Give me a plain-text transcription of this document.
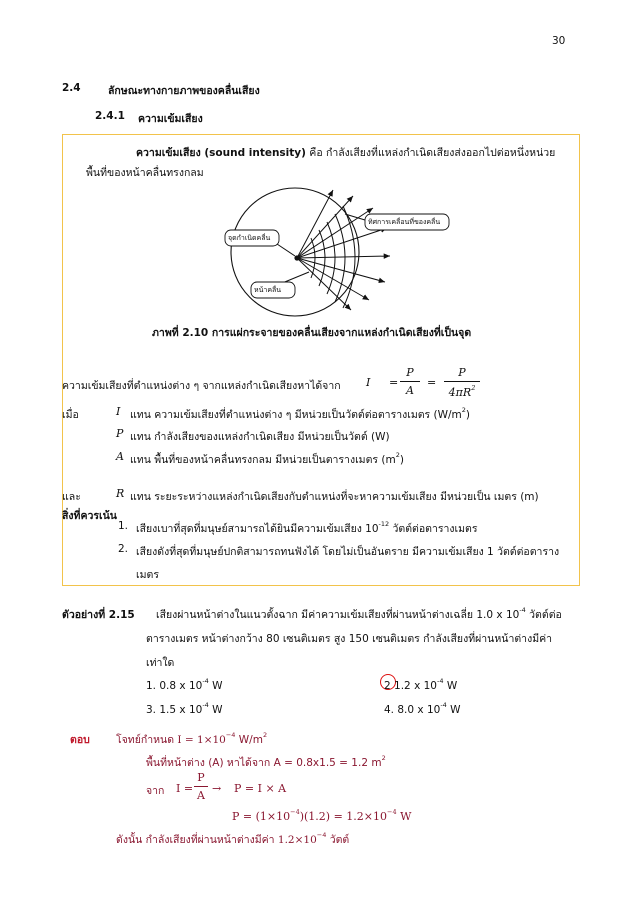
30
2.4	ลักษณะทางกายภาพของคลื่นเสียง
2.4.1 ความเข้มเสียง
ความเข้มเสียง (sound intensity) คือ กำลังเสียงที่แหล่งกำเนิดเสียงส่งออกไปต่อหนึ่งหน่วย
พื้นที่ของหน้าคลื่นทรงกลม
จุดกำเนิดคลื่น
ทิศการเคลื่อนที่ของคลื่น
หน้าคลื่น
ภาพที่ 2.10 การแผ่กระจายของคลื่นเสียงจากแหล่งกำเนิดเสียงที่เป็นจุด
ความเข้มเสียงที่ตำแหน่งต่าง ๆ จากแหล่งกำเนิดเสียงหาได้จาก I =
P
A
=
P
$4\pi R^2$
เมื่อ
และ
I แทน ความเข้มเสียงที่ตำแหน่งต่าง ๆ มีหน่วยเป็นวัตต์ต่อตารางเมตร $(W/m^2)$
P แทน กำลังเสียงของแหล่งกำเนิดเสียง มีหน่วยเป็นวัตต์ (W)
A แทน พื้นที่ของหน้าคลื่นทรงกลม มีหน่วยเป็นตารางเมตร $(m^2)$
R แทน ระยะระหว่างแหล่งกำเนิดเสียงกับตำแหน่งที่จะหาความเข้มเสียง มีหน่วยเป็น เมตร (m)
สิ่งที่ควรเน้น
1. เสียงเบาที่สุดที่มนุษย์สามารถได้ยินมีความเข้มเสียง $10^{-12}$ วัตต์ต่อตารางเมตร
2. เสียงดังที่สุดที่มนุษย์ปกติสามารถทนฟังได้ โดยไม่เป็นอันตราย มีความเข้มเสียง 1 วัตต์ต่อตาราง
เมตร
ตัวอย่างที่ 2.15 เสียงผ่านหน้าต่างในแนวตั้งฉาก มีค่าความเข้มเสียงที่ผ่านหน้าต่างเฉลี่ย 1.0 x $10^{-4}$ วัตต์ต่อ
ตารางเมตร หน้าต่างกว้าง 80 เซนติเมตร สูง 150 เซนติเมตร กำลังเสียงที่ผ่านหน้าต่างมีค่า
เท่าใด
1. 0.8 x $10^{-4}$ W	2 1.2 x $10^{-4}$ W
3. 1.5 x $10^{-4}$ W	4. 8.0 x $10^{-4}$ W
ตอบ โจทย์กำหนด $I = 1\times 10^{-4}$ $W/m^2$
พื้นที่หน้าต่าง (A) หาได้จาก A = 0.8x1.5 = 1.2 $m^2$
จาก I =
P
A
→ P = I × A
$P = (1\times 10^{-4})(1.2) = 1.2\times 10^{-4}$ W
ดังนั้น กำลังเสียงที่ผ่านหน้าต่างมีค่า $1.2\times 10^{-4}$ วัตต์
